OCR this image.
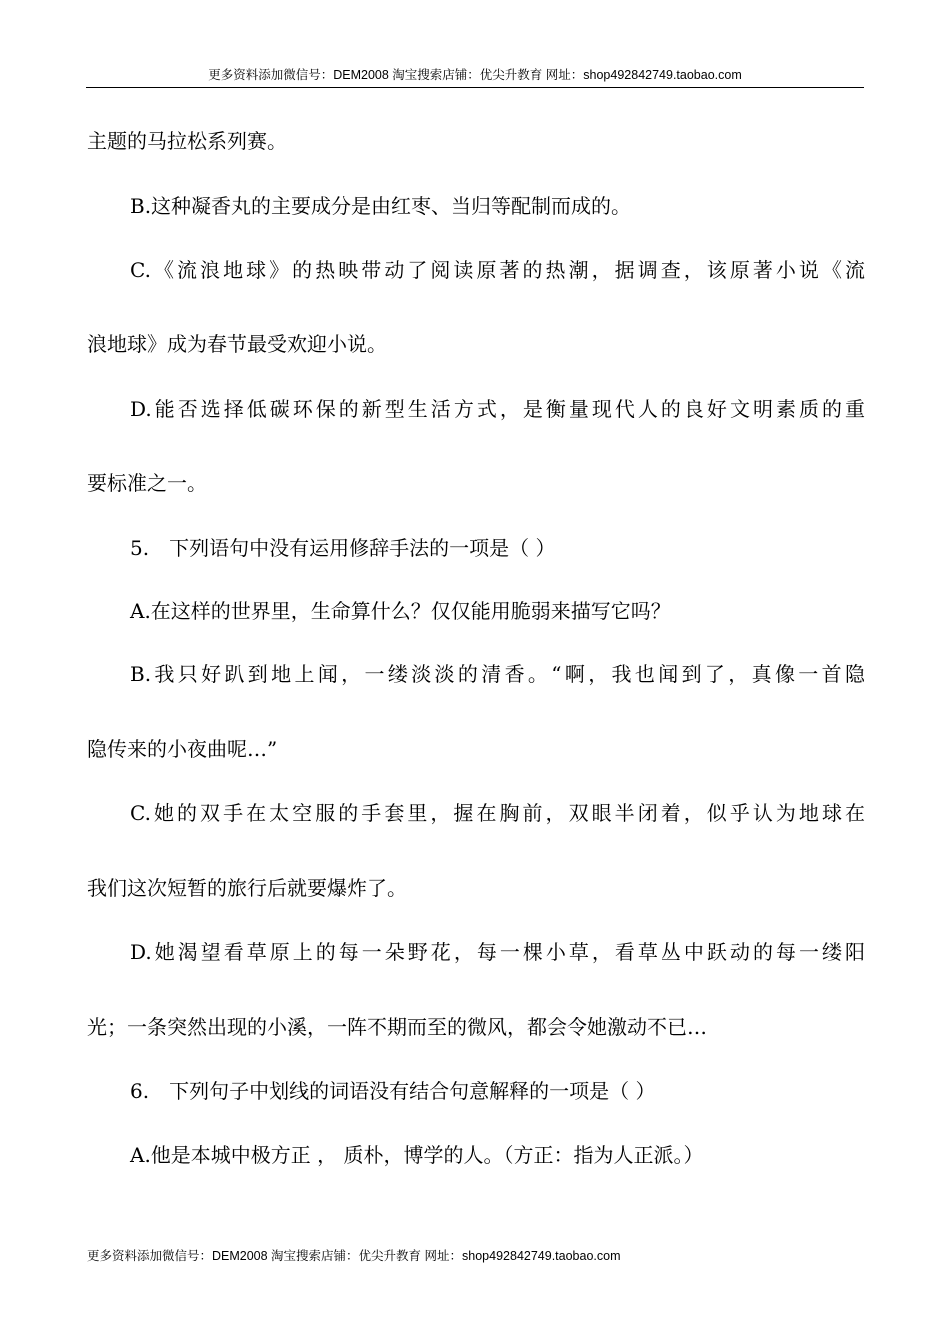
更多资料添加微信号：DEM2008 淘宝搜索店铺：优尖升教育 网址：shop492842749.taobao.com
主题的马拉松系列赛。
B.这种凝香丸的主要成分是由红枣、当归等配制而成的。
C.《流浪地球》的热映带动了阅读原著的热潮，据调查，该原著小说《流
浪地球》成为春节最受欢迎小说。
D.能否选择低碳环保的新型生活方式，是衡量现代人的良好文明素质的重
要标准之一。
5.　下列语句中没有运用修辞手法的一项是（ ）
A.在这样的世界里，生命算什么？仅仅能用脆弱来描写它吗？
B.我只好趴到地上闻，一缕淡淡的清香。“啊，我也闻到了，真像一首隐
隐传来的小夜曲呢…”
C.她的双手在太空服的手套里，握在胸前，双眼半闭着，似乎认为地球在
我们这次短暂的旅行后就要爆炸了。
D.她渴望看草原上的每一朵野花，每一棵小草，看草丛中跃动的每一缕阳
光；一条突然出现的小溪，一阵不期而至的微风，都会令她激动不已…
6.　下列句子中划线的词语没有结合句意解释的一项是（ ）
A.他是本城中极方正 ， 质朴，博学的人。（方正：指为人正派。）
更多资料添加微信号：DEM2008 淘宝搜索店铺：优尖升教育 网址：shop492842749.taobao.com
